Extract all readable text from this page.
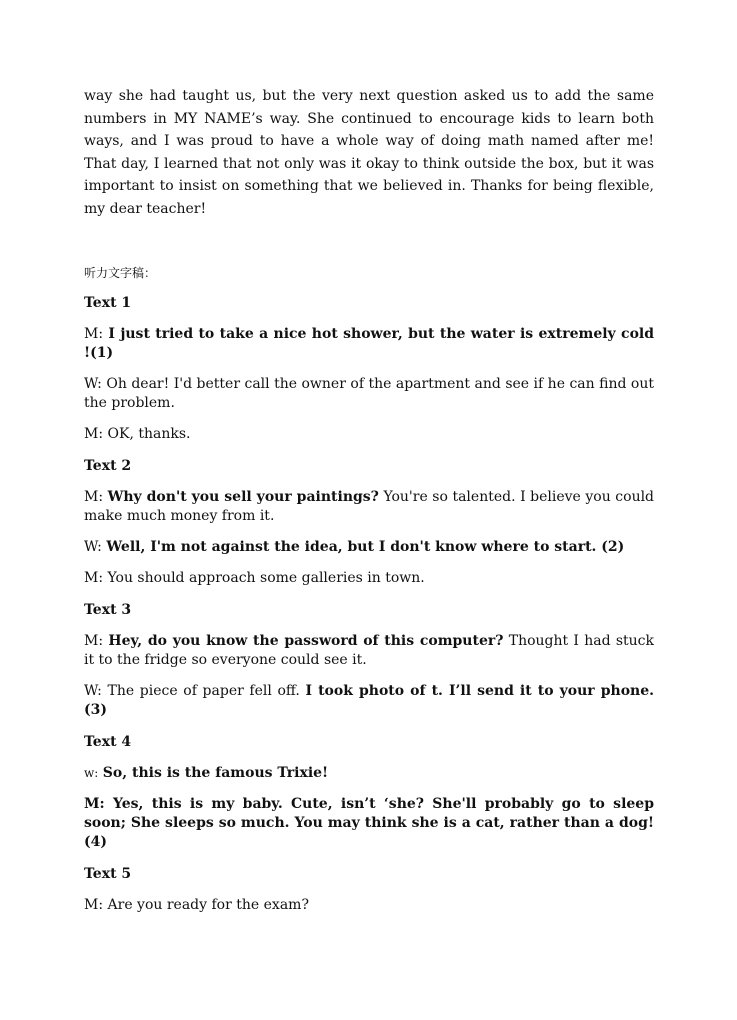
way she had taught us, but the very next question asked us to add the same numbers in MY NAME’s way. She continued to encourage kids to learn both ways, and I was proud to have a whole way of doing math named after me! That day, I learned that not only was it okay to think outside the box, but it was important to insist on something that we believed in. Thanks for being flexible, my dear teacher!

听力文字稿：
Text 1

M: I just tried to take a nice hot shower, but the water is extremely cold !(1)

W: Oh dear! I'd better call the owner of the apartment and see if he can find out the problem.

M: OK, thanks.

Text 2

M: Why don't you sell your paintings? You're so talented. I believe you could make much money from it.

W: Well, I'm not against the idea, but I don't know where to start. (2)

M: You should approach some galleries in town.

Text 3

M: Hey, do you know the password of this computer? Thought I had stuck it to the fridge so everyone could see it.

W: The piece of paper fell off. I took photo of t. I’ll send it to your phone. (3)

Text 4

w: So, this is the famous Trixie!

M: Yes, this is my baby. Cute, isn’t ‘she? She'll probably go to sleep soon; She sleeps so much. You may think she is a cat, rather than a dog! (4)

Text 5

M: Are you ready for the exam?
